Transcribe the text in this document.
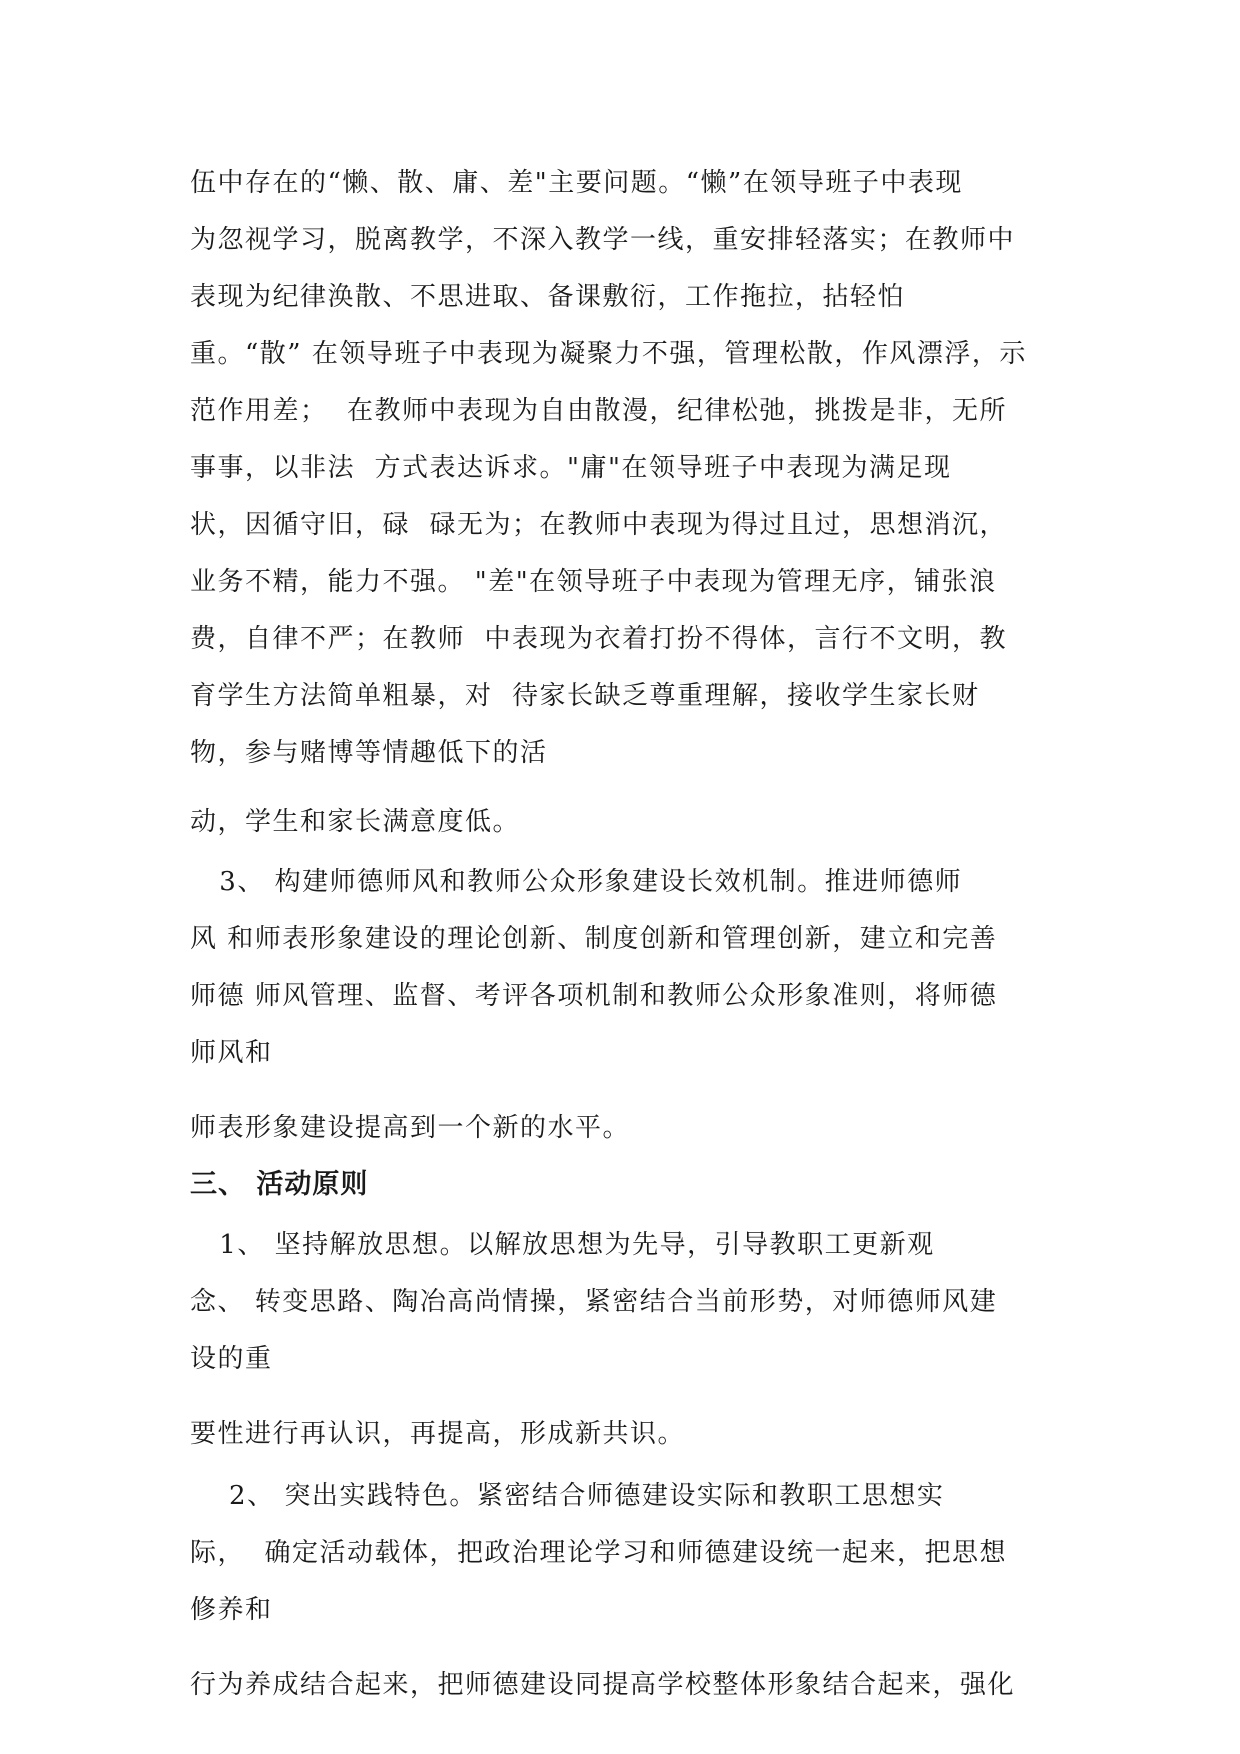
伍中存在的“懒、散、庸、差"主要问题。“懒”在领导班子中表现
为忽视学习，脱离教学，不深入教学一线，重安排轻落实；在教师中
表现为纪律涣散、不思进取、备课敷衍，工作拖拉，拈轻怕
重。“散” 在领导班子中表现为凝聚力不强，管理松散，作风漂浮，示
范作用差；  在教师中表现为自由散漫，纪律松弛，挑拨是非，无所
事事，以非法  方式表达诉求。"庸"在领导班子中表现为满足现
状，因循守旧，碌  碌无为；在教师中表现为得过且过，思想消沉，
业务不精，能力不强。 "差"在领导班子中表现为管理无序，铺张浪
费，自律不严；在教师  中表现为衣着打扮不得体，言行不文明，教
育学生方法简单粗暴，对  待家长缺乏尊重理解，接收学生家长财
物，参与赌博等情趣低下的活
动，学生和家长满意度低。
3、 构建师德师风和教师公众形象建设长效机制。推进师德师
风 和师表形象建设的理论创新、制度创新和管理创新，建立和完善
师德 师风管理、监督、考评各项机制和教师公众形象准则，将师德
师风和
师表形象建设提高到一个新的水平。
三、 活动原则
1、 坚持解放思想。以解放思想为先导，引导教职工更新观
念、 转变思路、陶冶高尚情操，紧密结合当前形势，对师德师风建
设的重
要性进行再认识，再提高，形成新共识。
2、 突出实践特色。紧密结合师德建设实际和教职工思想实
际，  确定活动载体，把政治理论学习和师德建设统一起来，把思想
修养和
行为养成结合起来，把师德建设同提高学校整体形象结合起来，强化
